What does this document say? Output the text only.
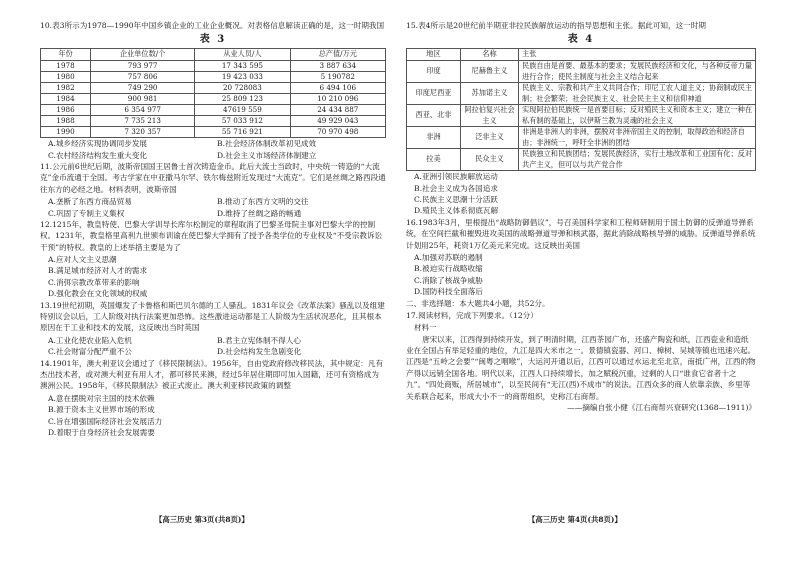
10.表3所示为1978—1990年中国乡镇企业的工业企业概况。对表格信息解读正确的是，这一时期我国

表 3
年份	企业单位数/个	从业人员/人	总产值/万元
1978	793 977	17 343 595	3 887 634
1980	757 806	19 423 033	5 190782
1982	749 290	20 728083	6 494 106
1984	900 981	25 809 123	10 210 096
1986	6 354 977	47619 559	24 434 887
1988	7 735 213	57 033 912	49 929 043
1990	7 320 357	55 716 921	70 970 498
A.城乡经济实现协调同步发展	B.社会经济体制改革初见成效
C.农村经济结构发生重大变化	D.社会主义市场经济体制建立

11.公元前6世纪后期，波斯帝国国王居鲁士首次铸造金币。此后大流士当政时，中央统一铸造的“大流克”金币流通于全国。考古学家在中亚撒马尔罕、铁尔梅兹附近发现过“大流克”。它们是丝绸之路西段通往东方的必经之地。材料表明，波斯帝国

A.垄断了东西方商品贸易	B.推动了东西方文明的交往
C.巩固了专制主义集权	D.维持了丝绸之路的畅通

12.1215年，教皇特使、巴黎大学训导长库尔松制定的章程取消了巴黎圣母院主事对巴黎大学的控制权。1231年，教皇格里高利九世颁布训谕在使巴黎大学拥有了授予各类学位的专业权及“不受宗教诉讼干预”的特权。教皇的上述举措主要是为了

A.应对人文主义思潮

B.满足城市经济对人才的需求

C.消弭宗教改革带来的影响

D.强化教会在文化领域的权威

13.19世纪初期，英国爆发了卡鲁格和斯巴贝尔德的工人骚乱。1831年议会《改革法案》骚乱以及组建特别议会以后，工人阶级对执行法案更加恐怖。这些激进运动都是工人阶级为生活状况恶化，且其根本原因在于工业和技术的发展，这反映出当时英国

A.工业化使农业陷入危机	B.君主立宪体制不得人心
C.社会财富分配严重不公	D.社会结构发生急剧变化

14.1901年，澳大利亚议会通过了《移民限制法》。1956年，自由党政府修改移民法，其中规定：凡有杰出技术者，或对澳大利亚有用人才，都可移民来澳，经过5年居住期即可加入国籍，还可有资格成为澳洲公民。1958年，《移民限制法》被正式废止。澳大利亚移民政策的调整

A.意在摆脱对宗主国的技术依赖

B.源于资本主义世界市场的形成

C.旨在增强国际经济社会发展活力

D.着眼于自身经济社会发展需要

【高三历史 第3页(共8页)】

15.表4所示是20世纪前半期亚非拉民族解放运动的指导思想和主张。据此可知，这一时期

表 4
地区	名称	主张
印度	尼赫鲁主义	民族自由是首要、最基本的要求；发展民族经济和文化，与各种反帝力量进行合作；使民主制度与社会主义结合起来
印度尼西亚	苏加诺主义	民族主义、宗教和共产主义共同合作；印尼工农人道主义；协商制或民主制；社会繁荣；社会民族主义、社会民主主义和信仰神道
西亚、北非	阿拉伯复兴社会主义	实现阿拉伯民族统一是首要目标；反对殖民主义和资本主义；建立一种在私有制的基础上，以伊斯兰教为灵魂的社会主义
非洲	泛非主义	非洲是非洲人的非洲，摆脱对非洲帝国主义的控制，取得政治和经济自由；非洲统一，呼吁全非洲的团结
拉美	民众主义	民族独立和民族团结；发展民族经济，实行土地改革和工业国有化；反对共产主义，但可以与共产党合作

A.亚洲引领民族解放运动

B.社会主义成为各国追求

C.民族主义思潮十分活跃

D.殖民主义体系彻底瓦解

16.1983年3月，里根提出“战略防御倡议”，号召美国科学家和工程师研制用于国土防御的反弹道导弹系统，在空间拦截和摧毁进攻美国的战略弹道导弹和核武器，据此消除战略核导弹的威胁。反弹道导弹系统计划用25年，耗资1万亿美元来完成。这反映出美国

A.加强对苏联的遏制

B.被迫实行战略收缩

C.消除了核战争威胁

D.国防科技全面落后

二、非选择题：本大题共4小题，共52分。

17.阅读材料，完成下列要求。（12分）

材料一

唐宋以来，江西得到持续开发，到了明清时期，江西茶园广布，还盛产陶瓷和纸，江西瓷业和造纸业在全国占有举足轻重的地位，九江是四大米市之一。景德镇瓷器、河口、樟树、吴城等镇也迅速兴起。江西是“五岭之会要”“闽粤之咽喉”，大运河开通以后，江西可以通过水运北至北京，南抵广州，江西的物产得以远销全国各地。明代以来，江西人口持续增长，加之赋税沉重，过剩的人口“谁食它省者十之九”。“四处商贩，所居城市”，以至民间有“无江(西)不成市”的说法。江西众多的商人依靠亲族、乡里等关系联合起来，形成大小不一的商帮组织，史称江右商帮。

——摘编自张小健《江右商帮兴衰研究(1368—1911)》

【高三历史 第4页(共8页)】
